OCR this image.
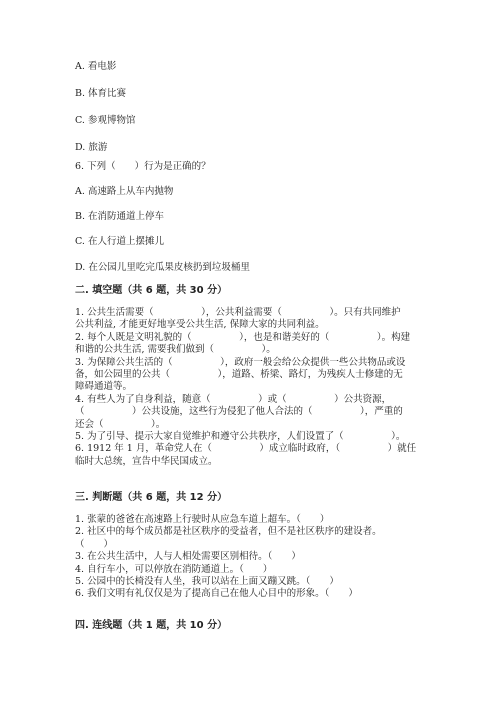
A. 看电影
B. 体育比赛
C. 参观博物馆
D. 旅游
6. 下列（　　）行为是正确的？
A. 高速路上从车内抛物
B. 在消防通道上停车
C. 在人行道上摆摊儿
D. 在公园儿里吃完瓜果皮核扔到垃圾桶里
二. 填空题（共 6 题，共 30 分）
1. 公共生活需要（　　　　　），公共利益需要（　　　　　）。只有共同维护
公共利益, 才能更好地享受公共生活, 保障大家的共同利益。
2. 每个人既是文明礼貌的（　　　　　），也是和谐美好的（　　　　　）。构建
和谐的公共生活, 需要我们做到（　　　　　）。
3. 为保障公共生活的（　　　　　），政府一般会给公众提供一些公共物品或设
备，如公园里的公共（　　　　　），道路、桥梁、路灯，为残疾人士修建的无
障碍通道等。
4. 有些人为了自身利益，随意（　　　　　）或（　　　　　）公共资源，
（　　　　　）公共设施，这些行为侵犯了他人合法的（　　　　　），严重的
还会（　　　　　）。
5. 为了引导、提示大家自觉维护和遵守公共秩序，人们设置了（　　　　　）。
6. 1912 年 1 月，革命党人在（　　　　　）成立临时政府，（　　　　　）就任
临时大总统，宣告中华民国成立。
三. 判断题（共 6 题，共 12 分）
1. 张蒙的爸爸在高速路上行驶时从应急车道上超车。（　　）
2. 社区中的每个成员都是社区秩序的受益者，但不是社区秩序的建设者。
（　　）
3. 在公共生活中，人与人相处需要区别相待。（　　）
4. 自行车小，可以停放在消防通道上。（　　）
5. 公园中的长椅没有人坐，我可以站在上面又蹦又跳。（　　）
6. 我们文明有礼仅仅是为了提高自己在他人心目中的形象。（　　）
四. 连线题（共 1 题，共 10 分）
